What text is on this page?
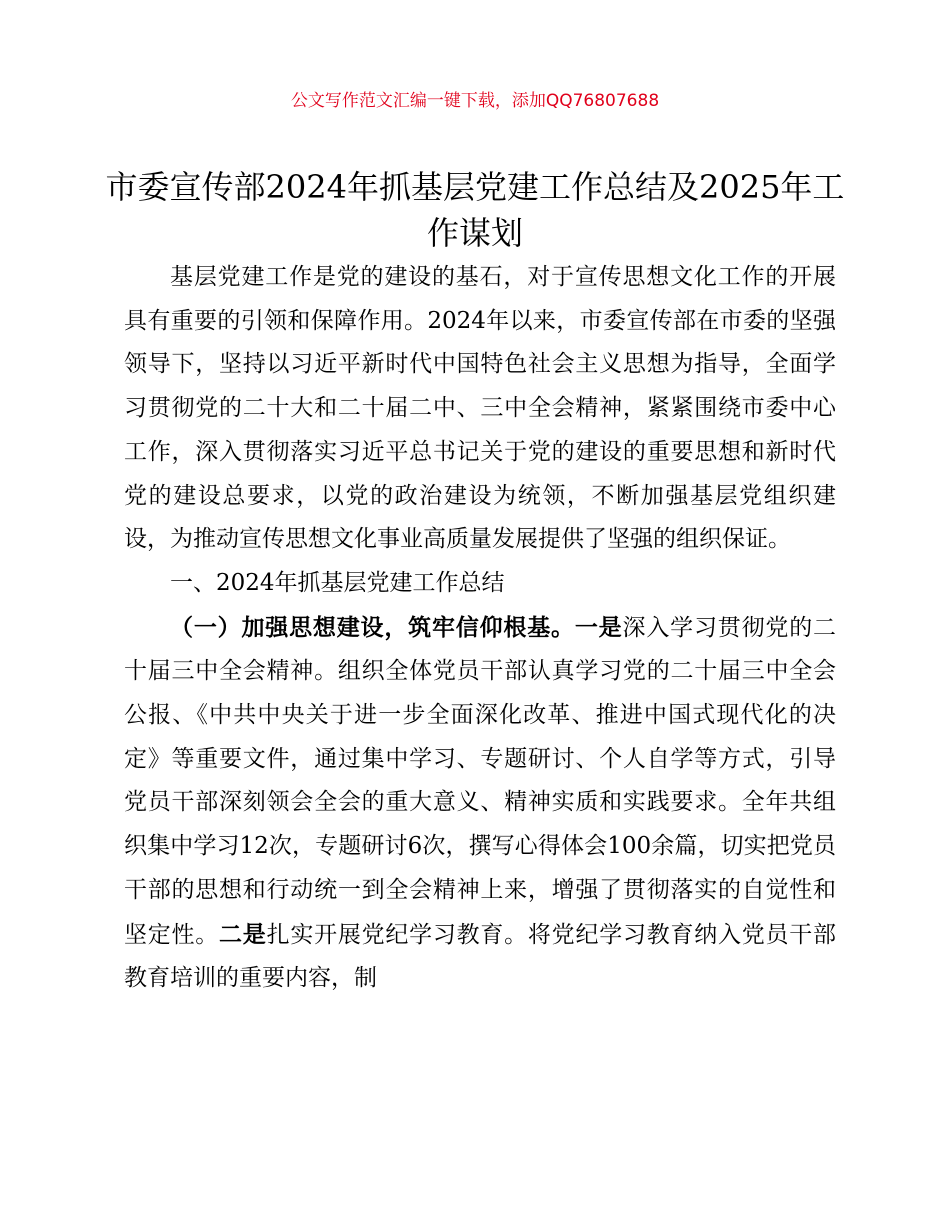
公文写作范文汇编一键下载，添加QQ76807688
市委宣传部2024年抓基层党建工作总结及2025年工作谋划

基层党建工作是党的建设的基石，对于宣传思想文化工作的开展具有重要的引领和保障作用。2024年以来，市委宣传部在市委的坚强领导下，坚持以习近平新时代中国特色社会主义思想为指导，全面学习贯彻党的二十大和二十届二中、三中全会精神，紧紧围绕市委中心工作，深入贯彻落实习近平总书记关于党的建设的重要思想和新时代党的建设总要求，以党的政治建设为统领，不断加强基层党组织建设，为推动宣传思想文化事业高质量发展提供了坚强的组织保证。

一、2024年抓基层党建工作总结

（一）加强思想建设，筑牢信仰根基。一是深入学习贯彻党的二十届三中全会精神。组织全体党员干部认真学习党的二十届三中全会公报、《中共中央关于进一步全面深化改革、推进中国式现代化的决定》等重要文件，通过集中学习、专题研讨、个人自学等方式，引导党员干部深刻领会全会的重大意义、精神实质和实践要求。全年共组织集中学习12次，专题研讨6次，撰写心得体会100余篇，切实把党员干部的思想和行动统一到全会精神上来，增强了贯彻落实的自觉性和坚定性。二是扎实开展党纪学习教育。将党纪学习教育纳入党员干部教育培训的重要内容，制
